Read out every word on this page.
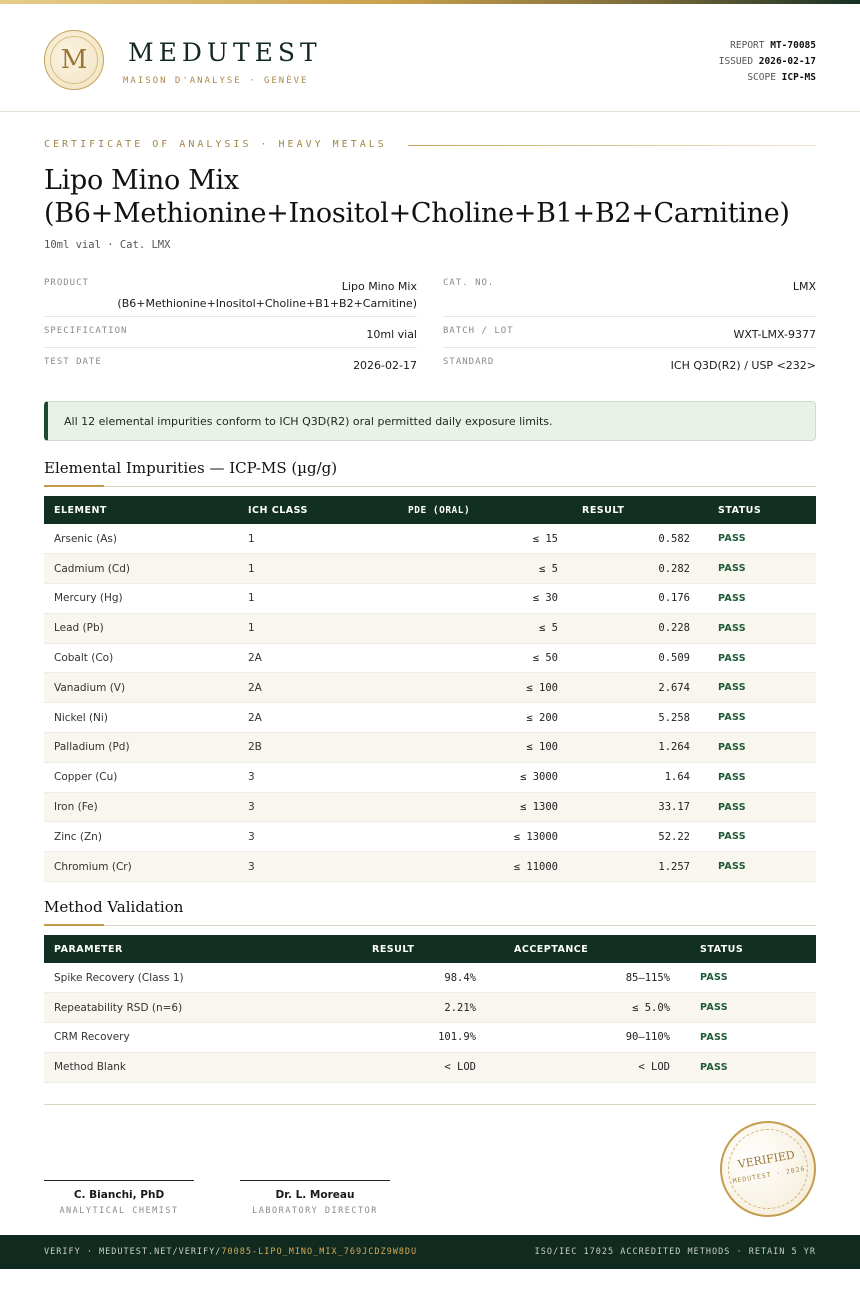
M	MEDUTEST
MAISON D'ANALYSE · GENÈVE
REPORT MT-70085
ISSUED 2026-02-17
SCOPE ICP-MS
CERTIFICATE OF ANALYSIS · HEAVY METALS
Lipo Mino Mix
(B6+Methionine+Inositol+Choline+B1+B2+Carnitine)
10ml vial · Cat. LMX
PRODUCT	Lipo Mino Mix
(B6+Methionine+Inositol+Choline+B1+B2+Carnitine)
SPECIFICATION	10ml vial
TEST DATE	2026-02-17
CAT. NO.	LMX
BATCH / LOT	WXT-LMX-9377
STANDARD	ICH Q3D(R2) / USP <232>
All 12 elemental impurities conform to ICH Q3D(R2) oral permitted daily exposure limits.
Elemental Impurities — ICP-MS (µg/g)
ELEMENT	ICH CLASS	PDE (ORAL)	RESULT	STATUS
Arsenic (As)	1	≤ 15	0.582	PASS
Cadmium (Cd)	1	≤ 5	0.282	PASS
Mercury (Hg)	1	≤ 30	0.176	PASS
Lead (Pb)	1	≤ 5	0.228	PASS
Cobalt (Co)	2A	≤ 50	0.509	PASS
Vanadium (V)	2A	≤ 100	2.674	PASS
Nickel (Ni)	2A	≤ 200	5.258	PASS
Palladium (Pd)	2B	≤ 100	1.264	PASS
Copper (Cu)	3	≤ 3000	1.64	PASS
Iron (Fe)	3	≤ 1300	33.17	PASS
Zinc (Zn)	3	≤ 13000	52.22	PASS
Chromium (Cr)	3	≤ 11000	1.257	PASS
Method Validation
PARAMETER	RESULT	ACCEPTANCE	STATUS
Spike Recovery (Class 1)	98.4%	85–115%	PASS
Repeatability RSD (n=6)	2.21%	≤ 5.0%	PASS
CRM Recovery	101.9%	90–110%	PASS
Method Blank	< LOD	< LOD	PASS
C. Bianchi, PhD
ANALYTICAL CHEMIST
Dr. L. Moreau
LABORATORY DIRECTOR
VERIFIED
MEDUTEST · 2026
VERIFY · MEDUTEST.NET/VERIFY/70085-LIPO_MINO_MIX_769JCDZ9W8DU	ISO/IEC 17025 ACCREDITED METHODS · RETAIN 5 YR
